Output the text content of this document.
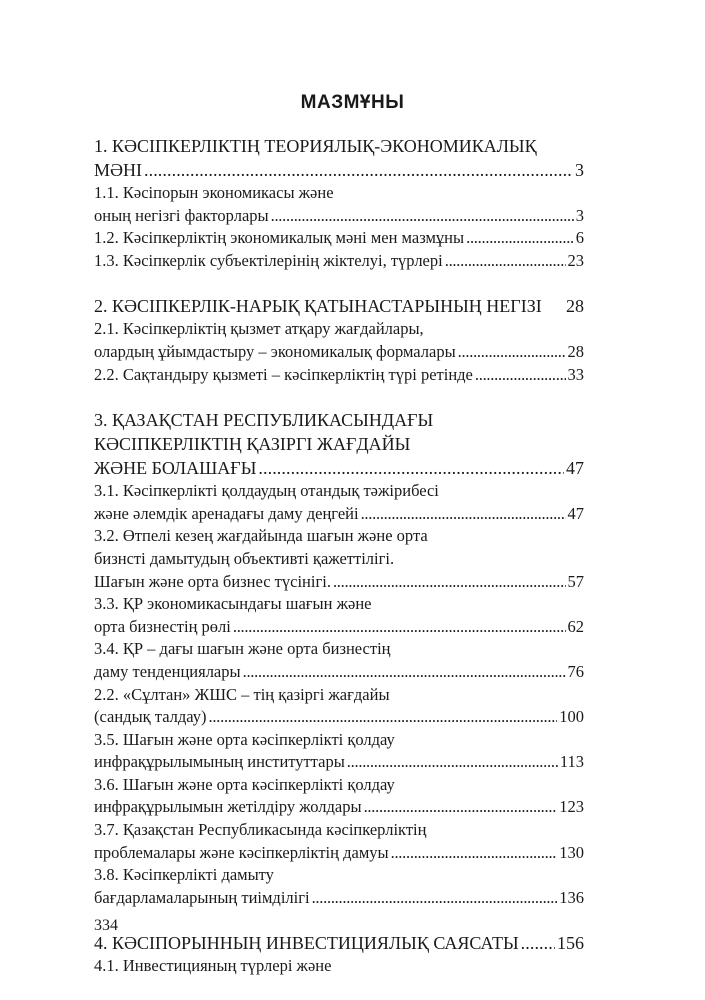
МАЗМҰНЫ
1. КӘСІПКЕРЛІКТІҢ ТЕОРИЯЛЫҚ-ЭКОНОМИКАЛЫҚ
МӘНІ . . .	3
1.1. Кәсіпорын экономикасы және
оның негізгі факторлары . . .	3
1.2. Кәсіпкерліктің экономикалық мәні мен мазмұны . . .	6
1.3. Кәсіпкерлік субъектілерінің жіктелуі, түрлері . . .	23
2. КӘСІПКЕРЛІК-НАРЫҚ ҚАТЫНАСТАРЫНЫҢ НЕГІЗІ 28
2.1. Кәсіпкерліктің қызмет атқару жағдайлары,
олардың ұйымдастыру – экономикалық формалары . . .	28
2.2. Сақтандыру қызметі – кәсіпкерліктің түрі ретінде . . .	33
3. ҚАЗАҚСТАН РЕСПУБЛИКАСЫНДАҒЫ
КӘСІПКЕРЛІКТІҢ ҚАЗІРГІ ЖАҒДАЙЫ
ЖӘНЕ БОЛАШАҒЫ . . .	47
3.1. Кәсіпкерлікті қолдаудың отандық тәжірибесі
және әлемдік аренадағы даму деңгейі . . .	47
3.2. Өтпелі кезең жағдайында шағын және орта
бизнсті дамытудың объективті қажеттілігі.
Шағын және орта бизнес түсінігі. . . .	57
3.3. ҚР экономикасындағы шағын және
орта бизнестің рөлі . . .	62
3.4. ҚР – дағы шағын және орта бизнестің
даму тенденциялары . . .	76
2.2. «Сұлтан» ЖШС – тің қазіргі жағдайы
(сандық талдау) . . .	100
3.5. Шағын және орта кәсіпкерлікті қолдау
инфрақұрылымының институттары . . .	113
3.6. Шағын және орта кәсіпкерлікті қолдау
инфрақұрылымын жетілдіру жолдары . . .	123
3.7. Қазақстан Республикасында кәсіпкерліктің
проблемалары және кәсіпкерліктің дамуы . . .	130
3.8. Кәсіпкерлікті дамыту
бағдарламаларының тиімділігі . . .	136
4. КӘСІПОРЫННЫҢ ИНВЕСТИЦИЯЛЫҚ САЯСАТЫ . . . 156
4.1. Инвестицияның түрлері және
334
